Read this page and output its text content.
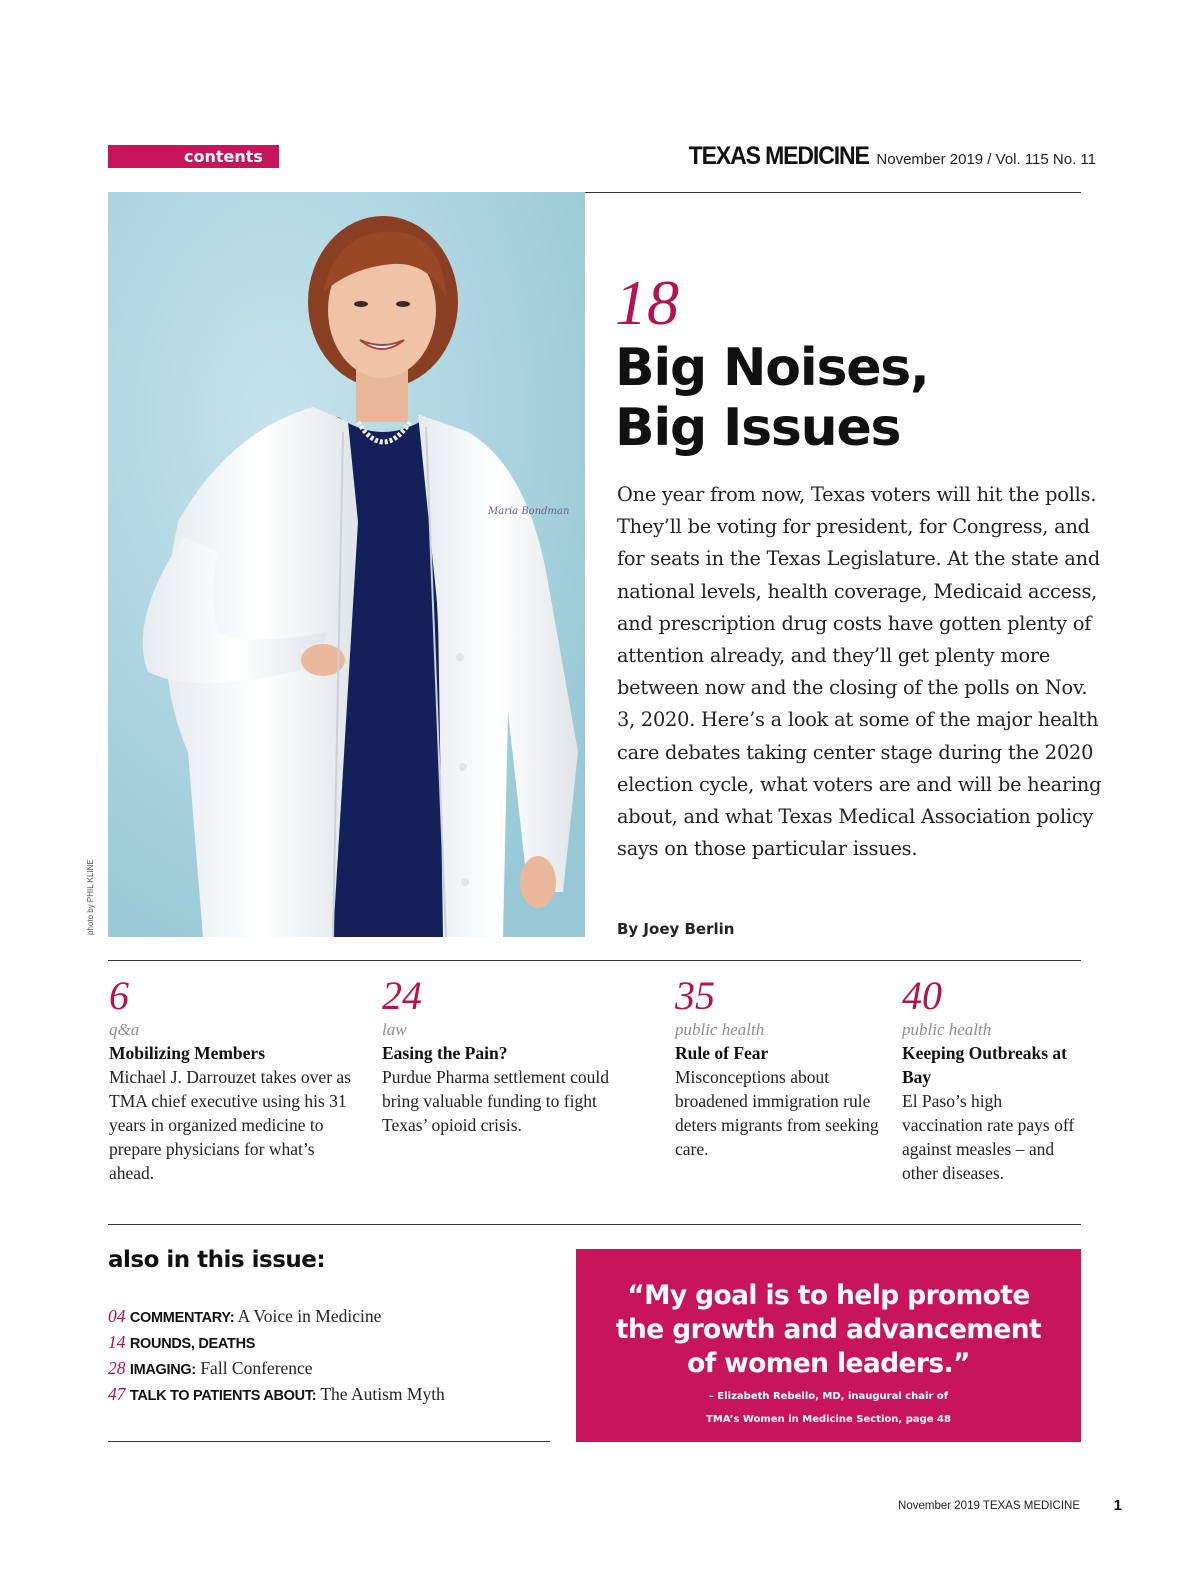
contents	TEXAS MEDICINE November 2019 / Vol. 115 No. 11
Maria Bondman
photo by PHIL KLINE
18
Big Noises,
Big Issues

One year from now, Texas voters will hit the polls. They’ll be voting for president, for Congress, and for seats in the Texas Legislature. At the state and national levels, health coverage, Medicaid access, and prescription drug costs have gotten plenty of attention already, and they’ll get plenty more between now and the closing of the polls on Nov. 3, 2020. Here’s a look at some of the major health care debates taking center stage during the 2020 election cycle, what voters are and will be hearing about, and what Texas Medical Association policy says on those particular issues.

By Joey Berlin
6
q&a
Mobilizing Members
Michael J. Darrouzet takes over as TMA chief executive using his 31 years in organized medicine to prepare physicians for what’s ahead.
24
law
Easing the Pain?
Purdue Pharma settlement could bring valuable funding to fight Texas’ opioid crisis.
35
public health
Rule of Fear
Misconceptions about broadened immigration rule deters migrants from seeking care.
40
public health
Keeping Outbreaks at Bay
El Paso’s high vaccination rate pays off against measles – and other diseases.
also in this issue:
04 COMMENTARY: A Voice in Medicine
14 ROUNDS, DEATHS
28 IMAGING: Fall Conference
47 TALK TO PATIENTS ABOUT: The Autism Myth
“My goal is to help promote
the growth and advancement
of women leaders.”
– Elizabeth Rebello, MD, inaugural chair of
TMA’s Women in Medicine Section, page 48
November 2019 TEXAS MEDICINE 1
